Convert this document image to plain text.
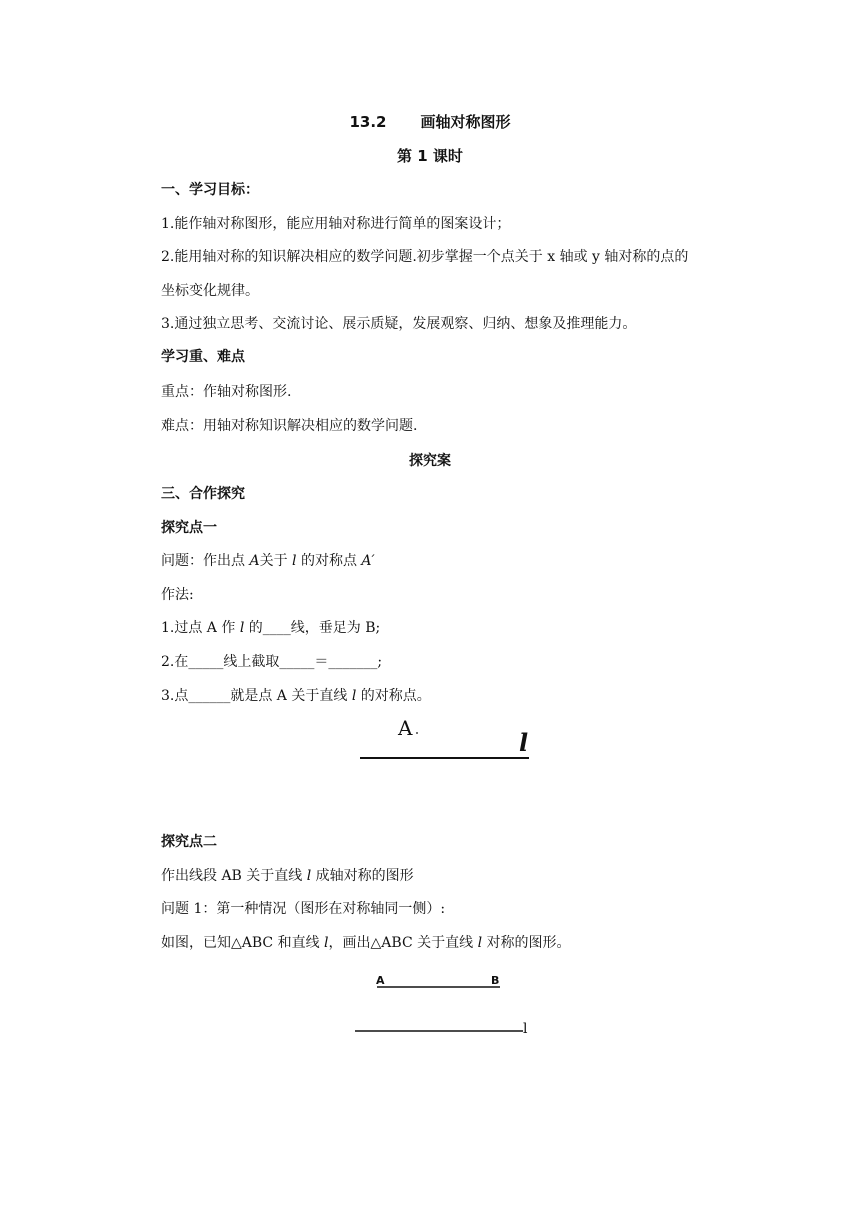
13.2 画轴对称图形
第 1 课时
一、学习目标：
1.能作轴对称图形，能应用轴对称进行简单的图案设计；
2.能用轴对称的知识解决相应的数学问题.初步掌握一个点关于 x 轴或 y 轴对称的点的
坐标变化规律。
3.通过独立思考、交流讨论、展示质疑，发展观察、归纳、想象及推理能力。
学习重、难点
重点：作轴对称图形.
难点：用轴对称知识解决相应的数学问题.
探究案
三、合作探究
探究点一
问题：作出点 A关于 l 的对称点 A′
作法:
1.过点 A 作 l 的____线，垂足为 B;
2.在_____线上截取_____＝_______;
3.点______就是点 A 关于直线 l 的对称点。
A	l
探究点二
作出线段 AB 关于直线 l 成轴对称的图形
问题 1：第一种情况（图形在对称轴同一侧）:
如图，已知△ABC 和直线 l，画出△ABC 关于直线 l 对称的图形。
A	B
l
